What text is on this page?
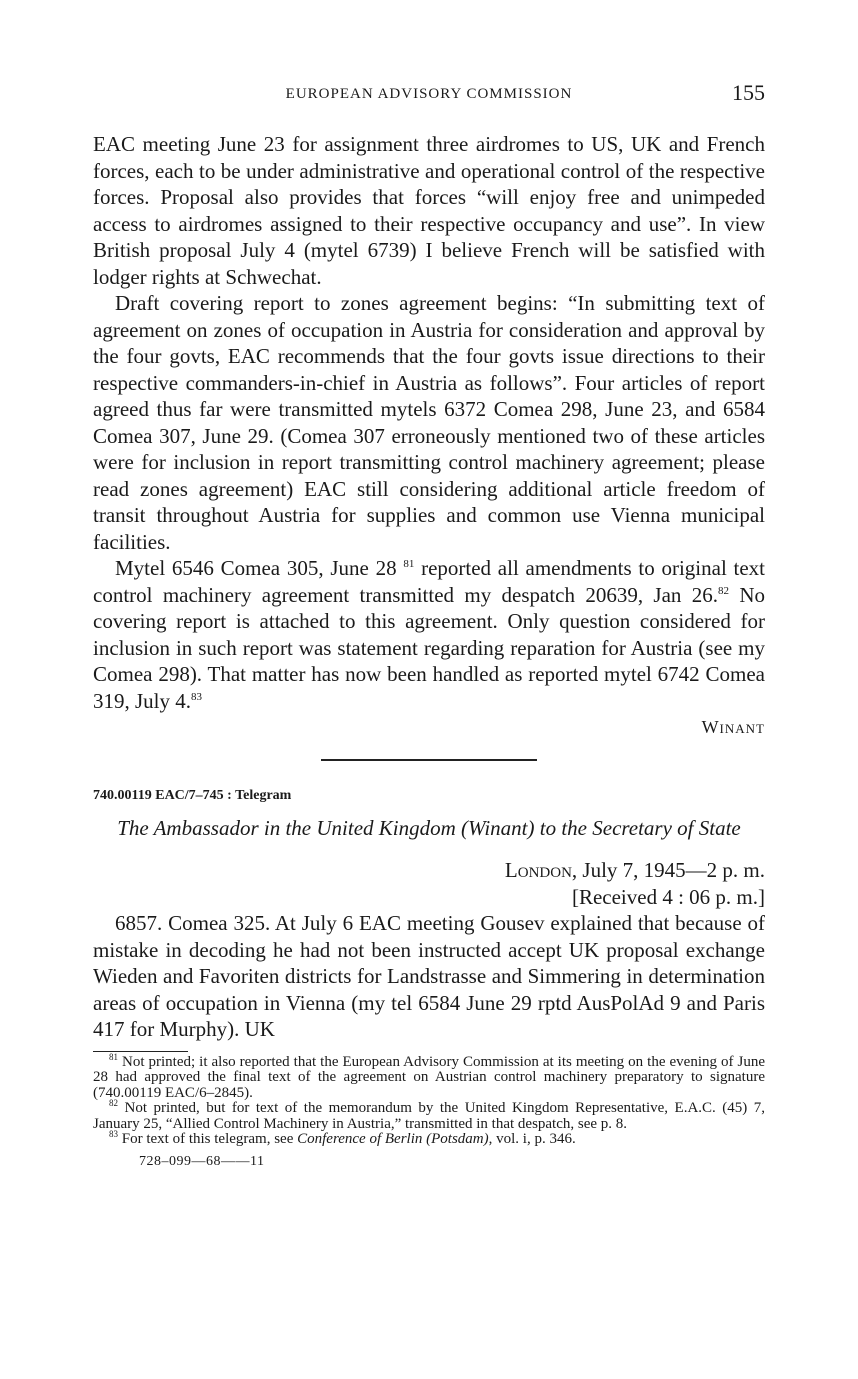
EUROPEAN ADVISORY COMMISSION	155

EAC meeting June 23 for assignment three airdromes to US, UK and French forces, each to be under administrative and operational control of the respective forces. Proposal also provides that forces “will enjoy free and unimpeded access to airdromes assigned to their respective occupancy and use”. In view British proposal July 4 (mytel 6739) I believe French will be satisfied with lodger rights at Schwechat.

Draft covering report to zones agreement begins: “In submitting text of agreement on zones of occupation in Austria for consideration and approval by the four govts, EAC recommends that the four govts issue directions to their respective commanders-in-chief in Austria as follows”. Four articles of report agreed thus far were transmitted mytels 6372 Comea 298, June 23, and 6584 Comea 307, June 29. (Comea 307 erroneously mentioned two of these articles were for inclusion in report transmitting control machinery agreement; please read zones agreement) EAC still considering additional article freedom of transit throughout Austria for supplies and common use Vienna municipal facilities.

Mytel 6546 Comea 305, June 28 $^{81}$ reported all amendments to original text control machinery agreement transmitted my despatch 20639, Jan 26.82 No covering report is attached to this agreement. Only question considered for inclusion in such report was statement regarding reparation for Austria (see my Comea 298). That matter has now been handled as reported mytel 6742 Comea 319, July 4.83

Winant
740.00119 EAC/7–745 : Telegram
The Ambassador in the United Kingdom (Winant) to the Secretary of State
London, July 7, 1945—2 p. m.
[Received 4 : 06 p. m.]

6857. Comea 325. At July 6 EAC meeting Gousev explained that because of mistake in decoding he had not been instructed accept UK proposal exchange Wieden and Favoriten districts for Landstrasse and Simmering in determination areas of occupation in Vienna (my tel 6584 June 29 rptd AusPolAd 9 and Paris 417 for Murphy). UK

$^{81}$ Not printed; it also reported that the European Advisory Commission at its meeting on the evening of June 28 had approved the final text of the agreement on Austrian control machinery preparatory to signature (740.00119 EAC/6–2845).

$^{82}$ Not printed, but for text of the memorandum by the United Kingdom Representative, E.A.C. (45) 7, January 25, “Allied Control Machinery in Austria,” transmitted in that despatch, see p. 8.

$^{83}$ For text of this telegram, see Conference of Berlin (Potsdam), vol. i, p. 346.

728–099—68——11
